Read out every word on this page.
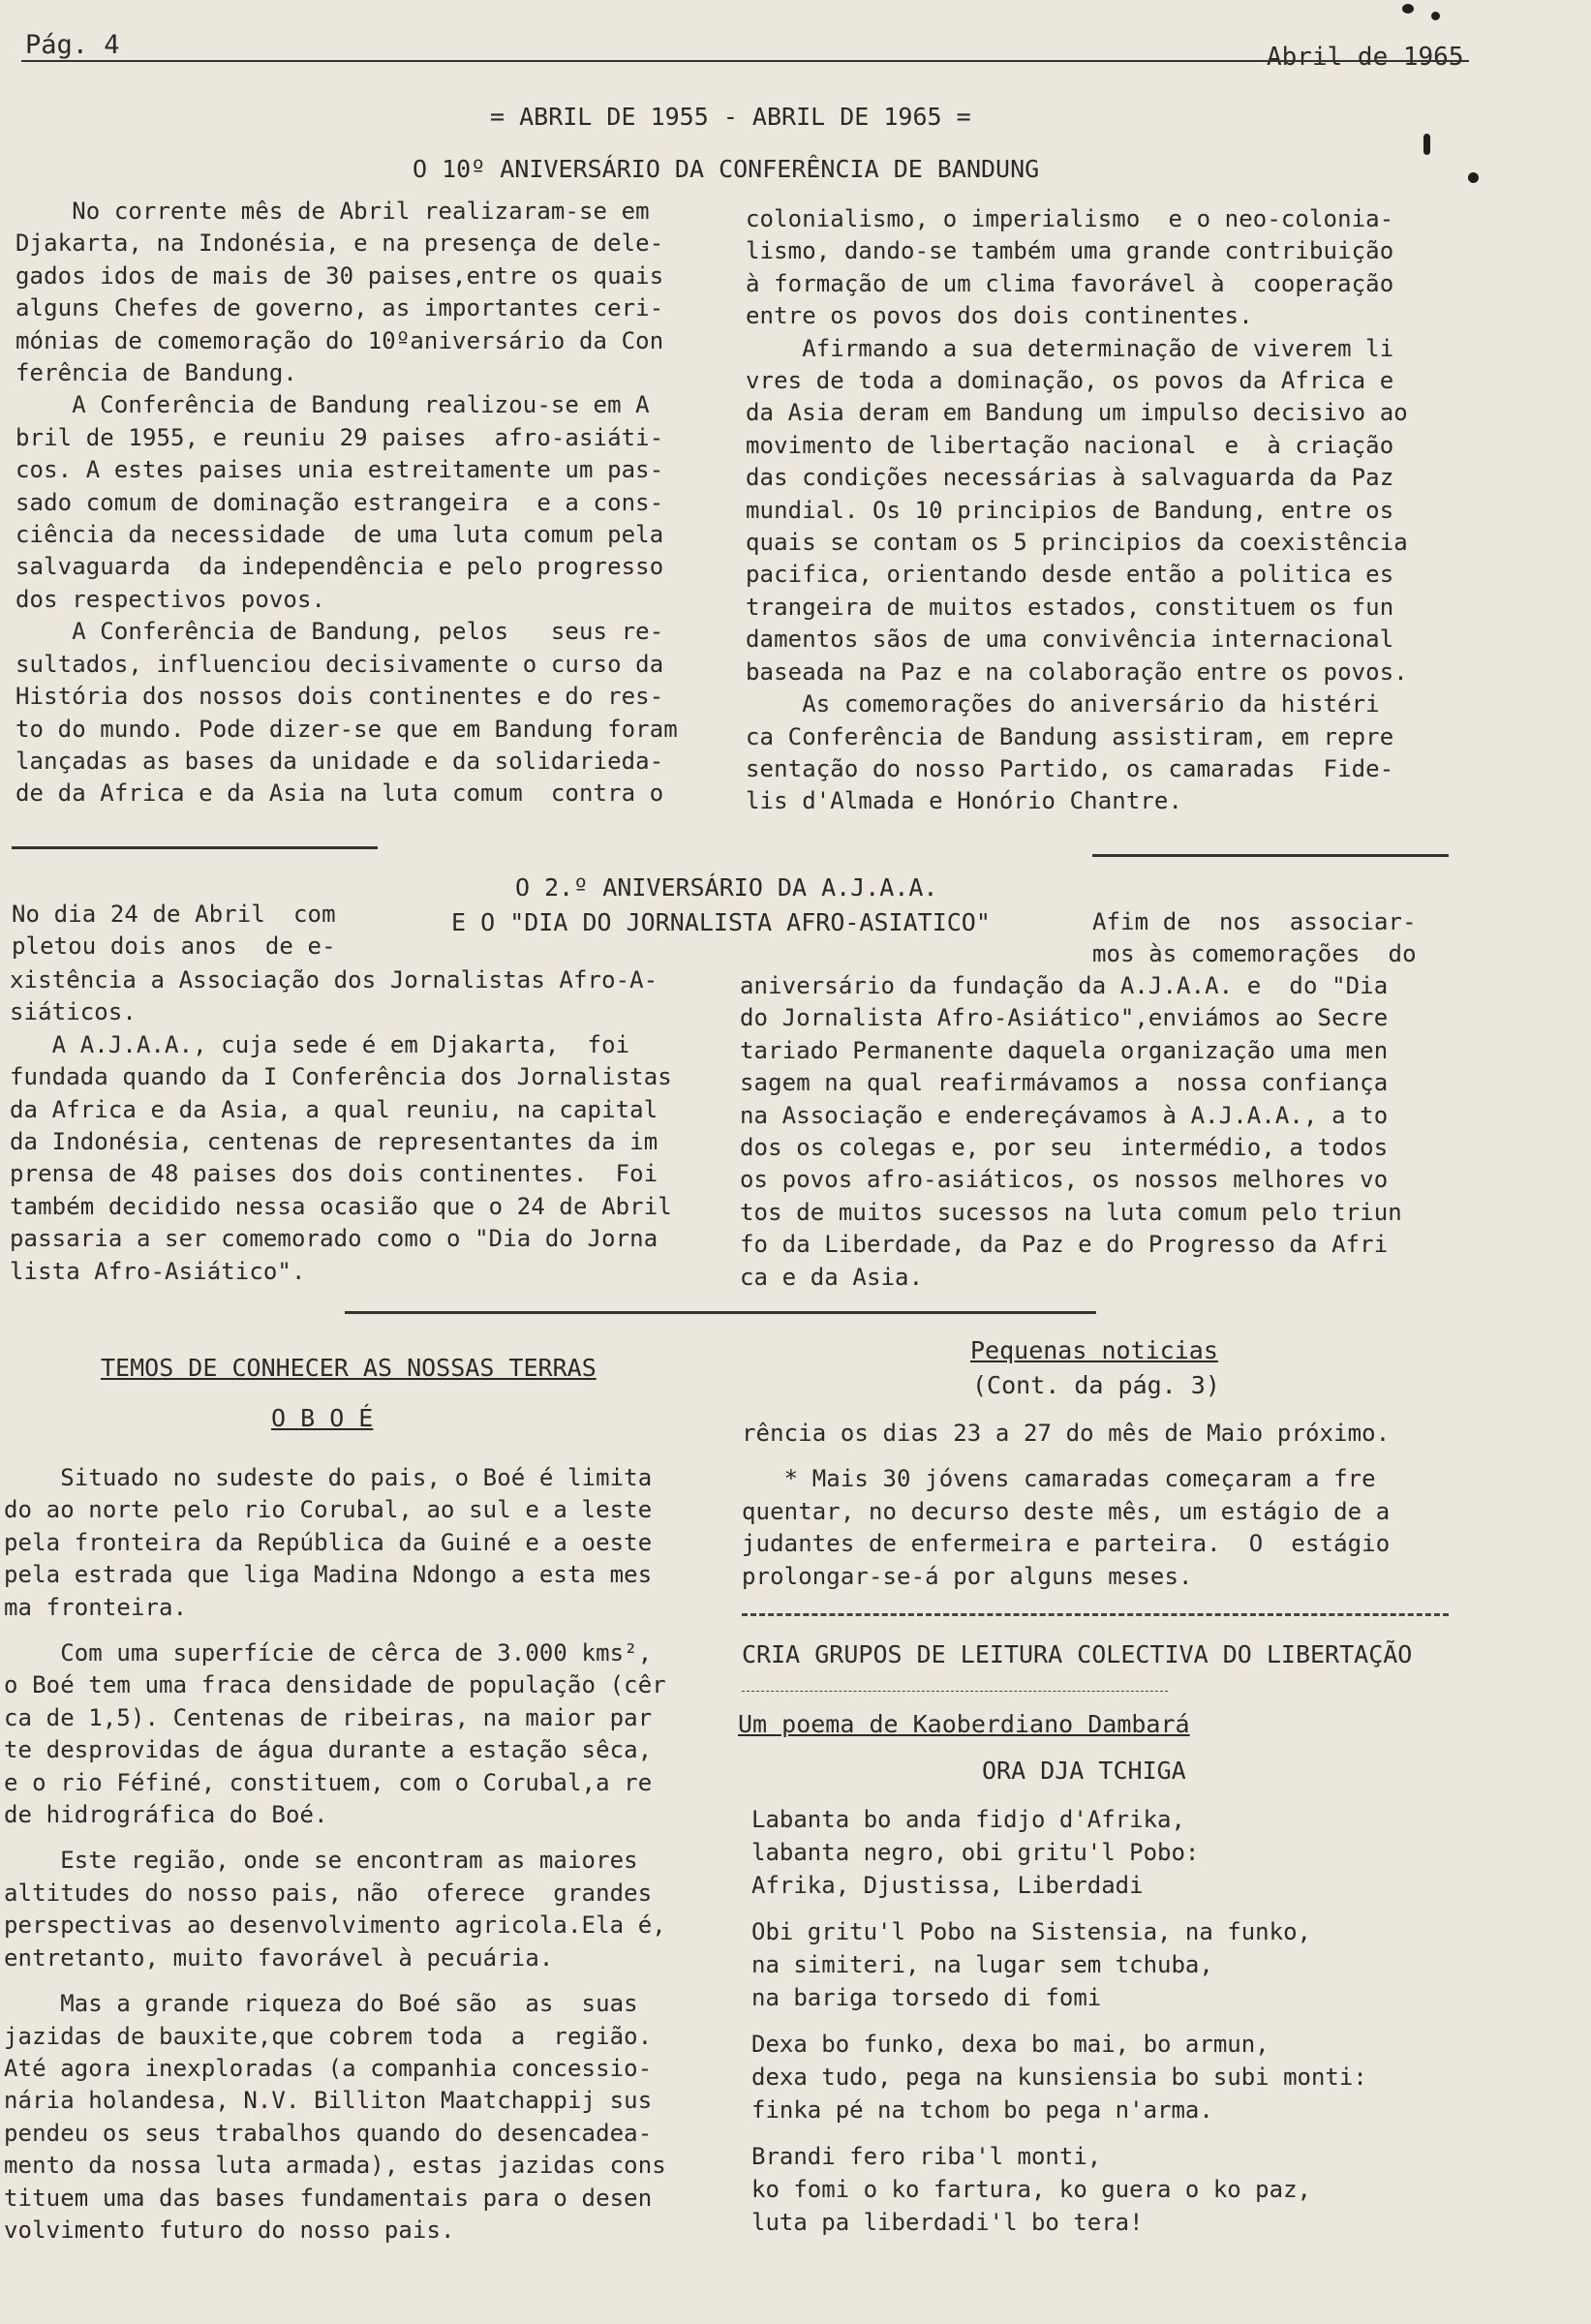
Pág. 4	Abril de 1965
= ABRIL DE 1955 - ABRIL DE 1965 =
O 10º ANIVERSÁRIO DA CONFERÊNCIA DE BANDUNG
No corrente mês de Abril realizaram-se em
Djakarta, na Indonésia, e na presença de dele-
gados idos de mais de 30 paises,entre os quais
alguns Chefes de governo, as importantes ceri-
mónias de comemoração do 10ºaniversário da Con
ferência de Bandung.
A Conferência de Bandung realizou-se em A
bril de 1955, e reuniu 29 paises  afro-asiáti-
cos. A estes paises unia estreitamente um pas-
sado comum de dominação estrangeira  e a cons-
ciência da necessidade  de uma luta comum pela
salvaguarda  da independência e pelo progresso
dos respectivos povos.
A Conferência de Bandung, pelos   seus re-
sultados, influenciou decisivamente o curso da
História dos nossos dois continentes e do res-
to do mundo. Pode dizer-se que em Bandung foram
lançadas as bases da unidade e da solidarieda-
de da Africa e da Asia na luta comum  contra o
colonialismo, o imperialismo  e o neo-colonia-
lismo, dando-se também uma grande contribuição
à formação de um clima favorável à  cooperação
entre os povos dos dois continentes.
Afirmando a sua determinação de viverem li
vres de toda a dominação, os povos da Africa e
da Asia deram em Bandung um impulso decisivo ao
movimento de libertação nacional  e  à criação
das condições necessárias à salvaguarda da Paz
mundial. Os 10 principios de Bandung, entre os
quais se contam os 5 principios da coexistência
pacifica, orientando desde então a politica es
trangeira de muitos estados, constituem os fun
damentos sãos de uma convivência internacional
baseada na Paz e na colaboração entre os povos.
As comemorações do aniversário da histéri
ca Conferência de Bandung assistiram, em repre
sentação do nosso Partido, os camaradas  Fide-
lis d'Almada e Honório Chantre.
O 2.º ANIVERSÁRIO DA A.J.A.A.
E O "DIA DO JORNALISTA AFRO-ASIATICO"
No dia 24 de Abril  com
pletou dois anos  de e-
Afim de  nos  associar-
mos às comemorações  do
xistência a Associação dos Jornalistas Afro-A-
siáticos.
A A.J.A.A., cuja sede é em Djakarta,  foi
fundada quando da I Conferência dos Jornalistas
da Africa e da Asia, a qual reuniu, na capital
da Indonésia, centenas de representantes da im
prensa de 48 paises dos dois continentes.  Foi
também decidido nessa ocasião que o 24 de Abril
passaria a ser comemorado como o "Dia do Jorna
lista Afro-Asiático".
aniversário da fundação da A.J.A.A. e  do "Dia
do Jornalista Afro-Asiático",enviámos ao Secre
tariado Permanente daquela organização uma men
sagem na qual reafirmávamos a  nossa confiança
na Associação e endereçávamos à A.J.A.A., a to
dos os colegas e, por seu  intermédio, a todos
os povos afro-asiáticos, os nossos melhores vo
tos de muitos sucessos na luta comum pelo triun
fo da Liberdade, da Paz e do Progresso da Afri
ca e da Asia.
TEMOS DE CONHECER AS NOSSAS TERRAS
O B O É
Situado no sudeste do pais, o Boé é limita
do ao norte pelo rio Corubal, ao sul e a leste
pela fronteira da República da Guiné e a oeste
pela estrada que liga Madina Ndongo a esta mes
ma fronteira.
Com uma superfície de cêrca de 3.000 kms²,
o Boé tem uma fraca densidade de população (cêr
ca de 1,5). Centenas de ribeiras, na maior par
te desprovidas de água durante a estação sêca,
e o rio Féfiné, constituem, com o Corubal,a re
de hidrográfica do Boé.
Este região, onde se encontram as maiores
altitudes do nosso pais, não  oferece  grandes
perspectivas ao desenvolvimento agricola.Ela é,
entretanto, muito favorável à pecuária.
Mas a grande riqueza do Boé são  as  suas
jazidas de bauxite,que cobrem toda  a  região.
Até agora inexploradas (a companhia concessio-
nária holandesa, N.V. Billiton Maatchappij sus
pendeu os seus trabalhos quando do desencadea-
mento da nossa luta armada), estas jazidas cons
tituem uma das bases fundamentais para o desen
volvimento futuro do nosso pais.
Pequenas noticias
(Cont. da pág. 3)
rência os dias 23 a 27 do mês de Maio próximo.
* Mais 30 jóvens camaradas começaram a fre
quentar, no decurso deste mês, um estágio de a
judantes de enfermeira e parteira.  O  estágio
prolongar-se-á por alguns meses.
CRIA GRUPOS DE LEITURA COLECTIVA DO LIBERTAÇÃO
Um poema de Kaoberdiano Dambará
ORA DJA TCHIGA
Labanta bo anda fidjo d'Afrika,
labanta negro, obi gritu'l Pobo:
Afrika, Djustissa, Liberdadi
Obi gritu'l Pobo na Sistensia, na funko,
na simiteri, na lugar sem tchuba,
na bariga torsedo di fomi
Dexa bo funko, dexa bo mai, bo armun,
dexa tudo, pega na kunsiensia bo subi monti:
finka pé na tchom bo pega n'arma.
Brandi fero riba'l monti,
ko fomi o ko fartura, ko guera o ko paz,
luta pa liberdadi'l bo tera!
